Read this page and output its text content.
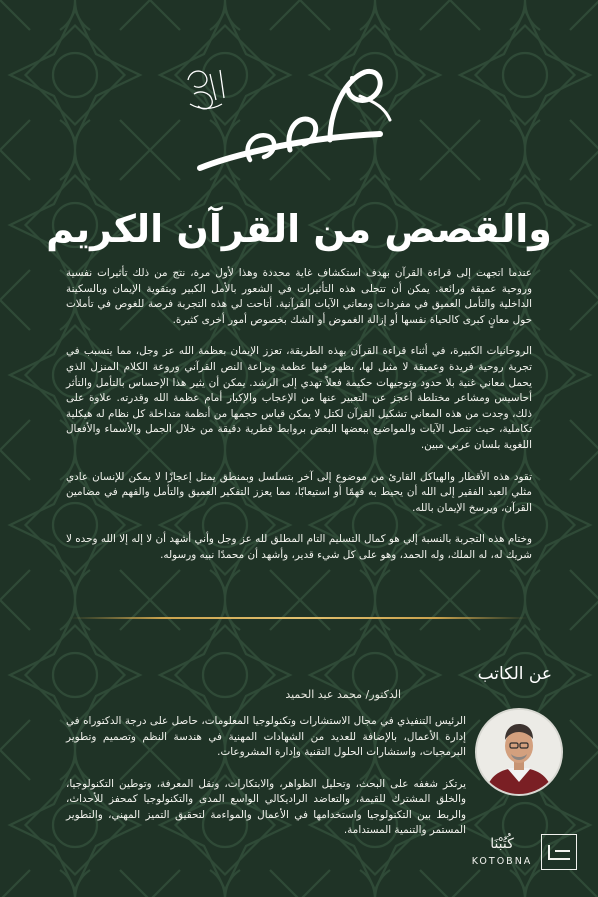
والقصص من القرآن الكريم

عندما اتجهت إلى قراءة القرآن بهدف استكشاف غاية محددة وهذا لأول مرة، نتج من ذلك تأثيرات نفسية وروحية عميقة ورائعة. يمكن أن تتجلى هذه التأثيرات في الشعور بالأمل الكبير وبتقوية الإيمان وبالسكينة الداخلية والتأمل العميق في مفردات ومعاني الآيات القرآنية. أتاحت لي هذه التجربة فرصة للغوص في تأملات حول معانٍ كبرى كالحياة نفسها أو إزالة الغموض أو الشك بخصوص أمور أخرى كثيرة.

الروحانيات الكبيرة، في أثناء قراءة القرآن بهذه الطريقة، تعزز الإيمان بعظمة الله عز وجل، مما يتسبب في تجربة روحية فريدة وعميقة لا مثيل لها، يظهر فيها عظمة وبراعة النص القرآني وروعة الكلام المنزل الذي يحمل معاني غنية بلا حدود وتوجيهات حكيمة فعلاً تهدي إلى الرشد. يمكن أن يثير هذا الإحساس بالتأمل والتأثر أحاسيس ومشاعر مختلطة أعجز عن التعبير عنها من الإعجاب والإكبار أمام عظمة الله وقدرته. علاوة على ذلك، وجدت من هذه المعاني تشكيل القرآن لكتل لا يمكن قياس حجمها من أنظمة متداخلة كل نظام له هيكلية تكاملية، حيث تتصل الآيات والمواضيع ببعضها البعض بروابط قطرية دقيقة من خلال الجمل والأسماء والأفعال اللغوية بلسان عربي مبين.

تقود هذه الأقطار والهياكل القارئ من موضوع إلى آخر بتسلسل وبمنطق يمثل إعجازًا لا يمكن للإنسان عادي مثلي العبد الفقير إلى الله أن يحيط به فهمًا أو استيعابًا، مما يعزز التفكير العميق والتأمل والفهم في مضامين القرآن، ويرسخ الإيمان بالله.

وختام هذه التجربة بالنسبة إلي هو كمال التسليم التام المطلق لله عز وجل وأني أشهد أن لا إله إلا الله وحده لا شريك له، له الملك، وله الحمد، وهو على كل شيء قدير، وأشهد أن محمدًا نبيه ورسوله.

عن الكاتب
الدكتور/ محمد عبد الحميد

الرئيس التنفيذي في مجال الاستشارات وتكنولوجيا المعلومات، حاصل على درجة الدكتوراه في إدارة الأعمال، بالإضافة للعديد من الشهادات المهنية في هندسة النظم وتصميم وتطوير البرمجيات، واستشارات الحلول التقنية وإدارة المشروعات.

يرتكز شغفه على البحث، وتحليل الظواهر، والابتكارات، ونقل المعرفة، وتوطين التكنولوجيا، والخلق المشترك للقيمة، والتعاضد الراديكالي الواسع المدى والتكنولوجيا كمحفز للأحداث، والربط بين التكنولوجيا واستخدامها في الأعمال والمواءمة لتحقيق التميز المهني، والتطوير المستمر والتنمية المستدامة.

كُتُبْنَا
KOTOBNA
